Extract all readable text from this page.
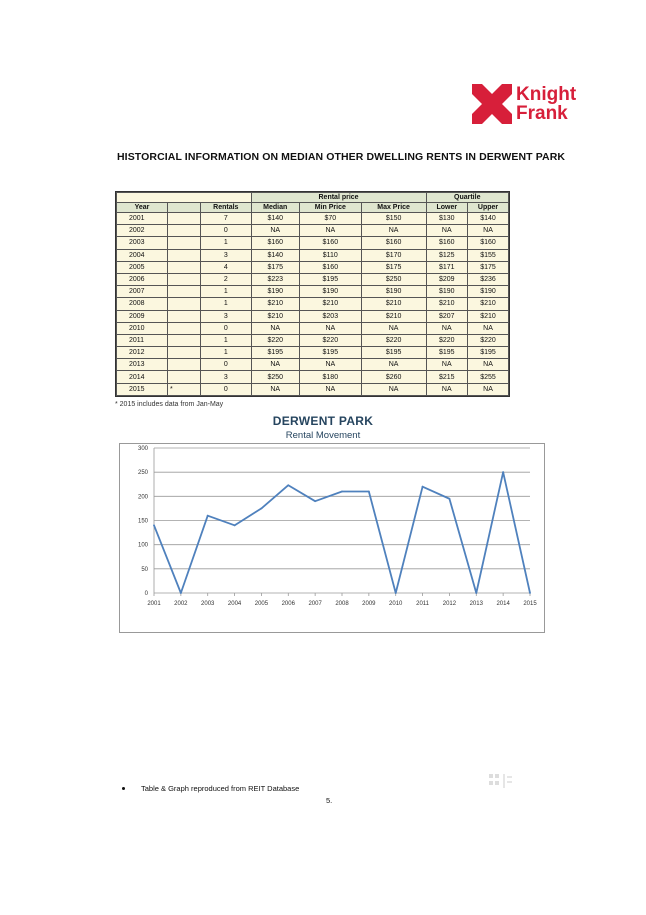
Knight
Frank
HISTORCIAL INFORMATION ON MEDIAN OTHER DWELLING RENTS IN DERWENT PARK
			Rental price			Quartile	
Year		Rentals	Median	Min Price	Max Price	Lower	Upper
2001		7	$140	$70	$150	$130	$140
2002		0	NA	NA	NA	NA	NA
2003		1	$160	$160	$160	$160	$160
2004		3	$140	$110	$170	$125	$155
2005		4	$175	$160	$175	$171	$175
2006		2	$223	$195	$250	$209	$236
2007		1	$190	$190	$190	$190	$190
2008		1	$210	$210	$210	$210	$210
2009		3	$210	$203	$210	$207	$210
2010		0	NA	NA	NA	NA	NA
2011		1	$220	$220	$220	$220	$220
2012		1	$195	$195	$195	$195	$195
2013		0	NA	NA	NA	NA	NA
2014		3	$250	$180	$260	$215	$255
2015	*	0	NA	NA	NA	NA	NA
* 2015 includes data from Jan-May
DERWENT PARK
Rental Movement
0
50
100
150
200
250
300
2001 2002 2003 2004 2005 2006 2007 2008 2009 2010 2011 2012 2013 2014 2015
Table & Graph reproduced from REIT Database
5.
